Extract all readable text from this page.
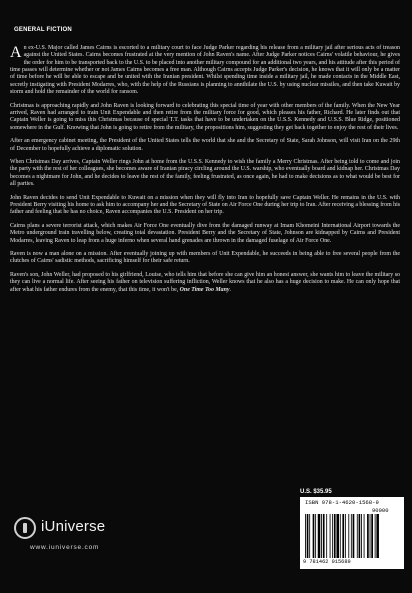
GENERAL FICTION

An ex-U.S. Major called James Cairns is escorted to a military court to face Judge Parker regarding his release from a military jail after serious acts of treason against the United States. Cairns becomes frustrated at the very mention of John Raven's name. After Judge Parker notices Cairns' volatile behaviour, he gives the order for him to be transported back to the U.S. to be placed into another military compound for an additional two years, and his attitude after this period of time passes will determine whether or not James Cairns becomes a free man. Although Cairns accepts Judge Parker's decision, he knows that it will only be a matter of time before he will be able to escape and be united with the Iranian president. Whilst spending time inside a military jail, he made contacts in the Middle East, secretly instigating with President Modarres, who, with the help of the Russians is planning to annihilate the U.S. by using nuclear missiles, and then take Kuwait by storm and hold the remainder of the world for ransom.

Christmas is approaching rapidly and John Raven is looking forward to celebrating this special time of year with other members of the family. When the New Year arrived, Raven had arranged to train Unit Expendable and then retire from the military force for good, which pleases his father, Richard. He later finds out that Captain Weller is going to miss this Christmas because of special T.T. tasks that have to be undertaken on the U.S.S. Kennedy and U.S.S. Blue Ridge, positioned somewhere in the Gulf. Knowing that John is going to retire from the military, the propositions him, suggesting they get back together to enjoy the rest of their lives.

After an emergency cabinet meeting, the President of the United States tells the world that she and the Secretary of State, Sarah Johnson, will visit Iran on the 29th of December to hopefully achieve a diplomatic solution.

When Christmas Day arrives, Captain Weller rings John at home from the U.S.S. Kennedy to wish the family a Merry Christmas. After being told to come and join the party with the rest of her colleagues, she becomes aware of Iranian piracy circling around the U.S. warship, who eventually board and kidnap her. Christmas Day becomes a nightmare for John, and he decides to leave the rest of the family, feeling frustrated, as once again, he had to make decisions as to what would be best for all parties.

John Raven decides to send Unit Expendable to Kuwait on a mission when they will fly into Iran to hopefully save Captain Weller. He remains in the U.S. with President Berry visiting his home to ask him to accompany her and the Secretary of State on Air Force One during her trip to Iran. After receiving a blessing from his father and feeling that he has no choice, Raven accompanies the U.S. President on her trip.

Cairns plans a severe terrorist attack, which makes Air Force One eventually dive from the damaged runway at Imam Khomeini International Airport towards the Metro underground train travelling below, creating total devastation. President Berry and the Secretary of State, Johnson are kidnapped by Cairns and President Modarres, leaving Raven to leap from a huge inferno when several hand grenades are thrown in the damaged fuselage of Air Force One.

Raven is now a man alone on a mission. After eventually joining up with members of Unit Expendable, he succeeds in being able to free several people from the clutches of Cairns' sadistic methods, sacrificing himself for their safe return.

Raven's son, John Weller, had proposed to his girlfriend, Louise, who tells him that before she can give him an honest answer, she wants him to leave the military so they can live a normal life. After seeing his father on television suffering infliction, Weller knows that he also has a huge decision to make. He can only hope that after what his father endures from the enemy, that this time, it won't be, One Time Too Many.

U.S. $35.95
iUniverse
www.iuniverse.com
ISBN 978-1-4620-1568-9
90000
9 781462 015689
